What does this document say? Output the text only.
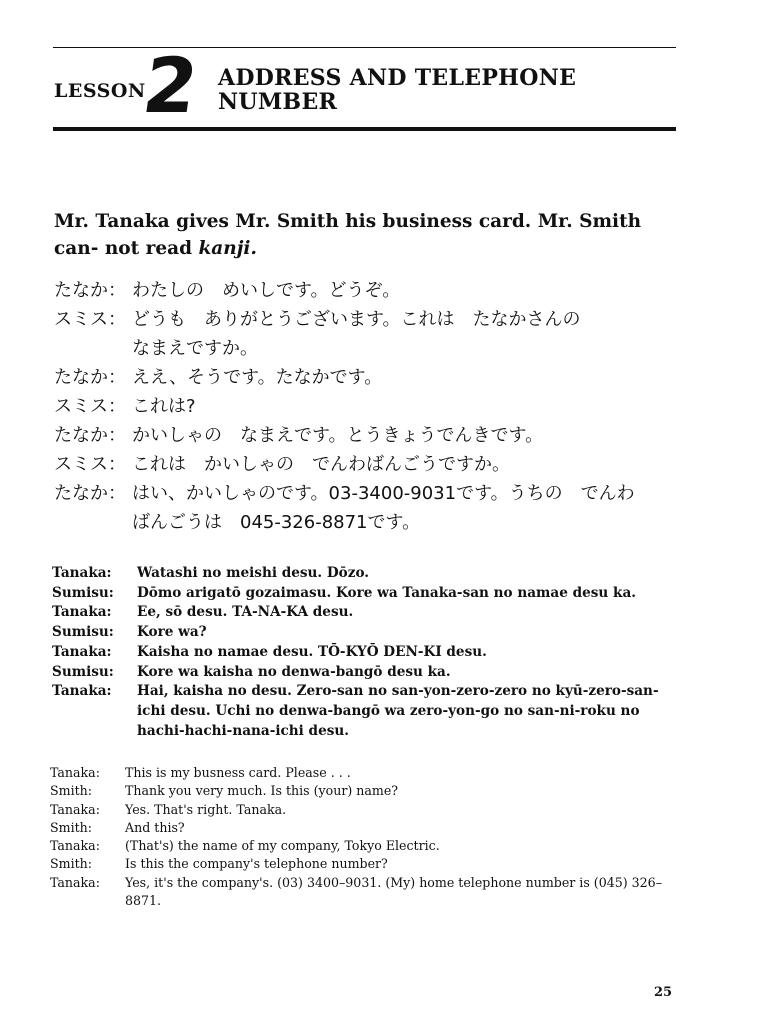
LESSON
2 ADDRESS AND TELEPHONE
NUMBER
Mr. Tanaka gives Mr. Smith his business card. Mr. Smith can- not read kanji.
たなか： わたしの　めいしです。どうぞ。
スミス： どうも　ありがとうございます。これは　たなかさんの
なまえですか。
たなか： ええ、そうです。たなかです。
スミス： これは?
たなか： かいしゃの　なまえです。とうきょうでんきです。
スミス： これは　かいしゃの　でんわばんごうですか。
たなか： はい、かいしゃのです。03-3400-9031です。うちの　でんわ
ばんごうは　045-326-8871です。
Tanaka:	Watashi no meishi desu. Dōzo.
Sumisu:	Dōmo arigatō gozaimasu. Kore wa Tanaka-san no namae desu ka.
Tanaka:	Ee, sō desu. TA-NA-KA desu.
Sumisu:	Kore wa?
Tanaka:	Kaisha no namae desu. TŌ-KYŌ DEN-KI desu.
Sumisu:	Kore wa kaisha no denwa-bangō desu ka.
Tanaka:	Hai, kaisha no desu. Zero-san no san-yon-zero-zero no kyū-zero-san-ichi desu. Uchi no denwa-bangō wa zero-yon-go no san-ni-roku no hachi-hachi-nana-ichi desu.
Tanaka:	This is my busness card. Please . . .
Smith:	Thank you very much. Is this (your) name?
Tanaka:	Yes. That's right. Tanaka.
Smith:	And this?
Tanaka:	(That's) the name of my company, Tokyo Electric.
Smith:	Is this the company's telephone number?
Tanaka:	Yes, it's the company's. (03) 3400–9031. (My) home telephone number is (045) 326–8871.
25
